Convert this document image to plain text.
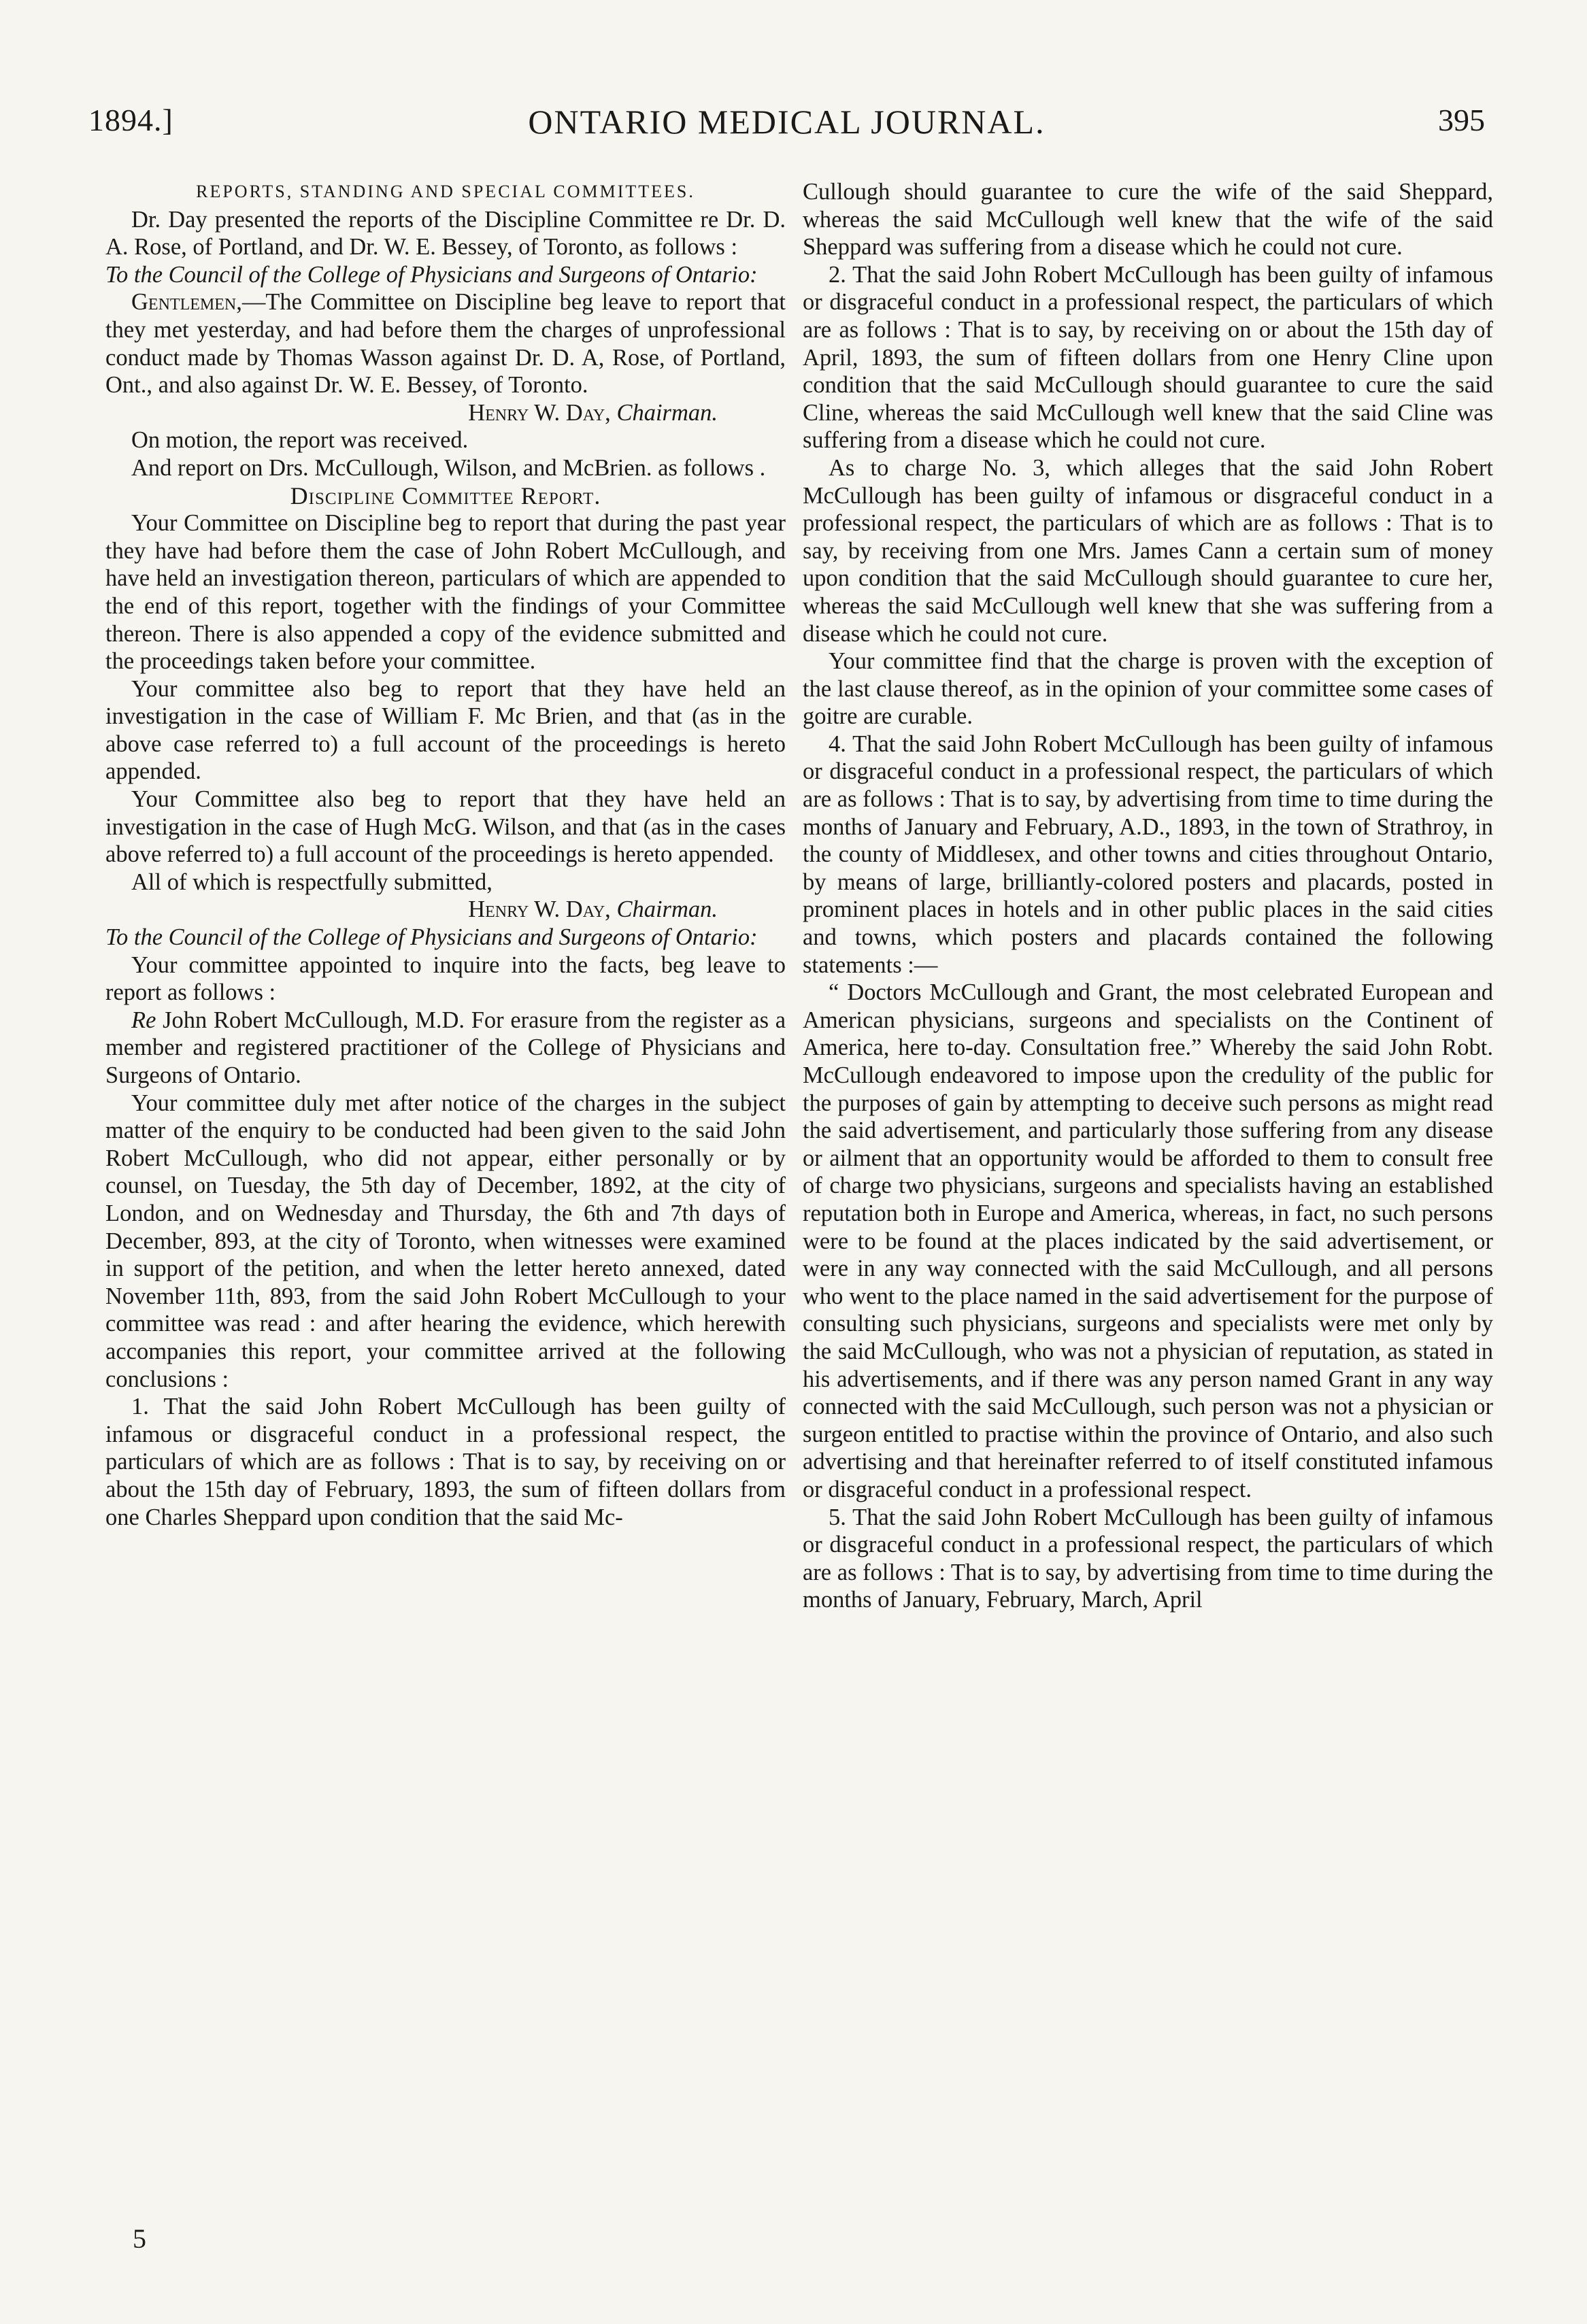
1894.]	ONTARIO MEDICAL JOURNAL.	395

REPORTS, STANDING AND SPECIAL COMMITTEES.

Dr. Day presented the reports of the Discipline Committee re Dr. D. A. Rose, of Portland, and Dr. W. E. Bessey, of Toronto, as follows :

To the Council of the College of Physicians and Surgeons of Ontario:

Gentlemen,—The Committee on Discipline beg leave to report that they met yesterday, and had before them the charges of unprofessional conduct made by Thomas Wasson against Dr. D. A, Rose, of Portland, Ont., and also against Dr. W. E. Bessey, of Toronto.

Henry W. Day, Chairman.

On motion, the report was received.

And report on Drs. McCullough, Wilson, and McBrien. as follows .

Discipline Committee Report.

Your Committee on Discipline beg to report that during the past year they have had before them the case of John Robert McCullough, and have held an investigation thereon, particulars of which are appended to the end of this report, together with the findings of your Committee thereon. There is also appended a copy of the evidence submitted and the proceedings taken before your committee.

Your committee also beg to report that they have held an investigation in the case of William F. Mc Brien, and that (as in the above case referred to) a full account of the proceedings is hereto appended.

Your Committee also beg to report that they have held an investigation in the case of Hugh McG. Wilson, and that (as in the cases above referred to) a full account of the proceedings is hereto appended.

All of which is respectfully submitted,

Henry W. Day, Chairman.

To the Council of the College of Physicians and Surgeons of Ontario:

Your committee appointed to inquire into the facts, beg leave to report as follows :

Re John Robert McCullough, M.D. For erasure from the register as a member and registered practitioner of the College of Physicians and Surgeons of Ontario.

Your committee duly met after notice of the charges in the subject matter of the enquiry to be conducted had been given to the said John Robert McCullough, who did not appear, either personally or by counsel, on Tuesday, the 5th day of December, 1892, at the city of London, and on Wednesday and Thursday, the 6th and 7th days of December, 893, at the city of Toronto, when witnesses were examined in support of the petition, and when the letter hereto annexed, dated November 11th, 893, from the said John Robert McCullough to your committee was read : and after hearing the evidence, which herewith accompanies this report, your committee arrived at the following conclusions :

1. That the said John Robert McCullough has been guilty of infamous or disgraceful conduct in a professional respect, the particulars of which are as follows : That is to say, by receiving on or about the 15th day of February, 1893, the sum of fifteen dollars from one Charles Sheppard upon condition that the said Mc-

Cullough should guarantee to cure the wife of the said Sheppard, whereas the said McCullough well knew that the wife of the said Sheppard was suffering from a disease which he could not cure.

2. That the said John Robert McCullough has been guilty of infamous or disgraceful conduct in a professional respect, the particulars of which are as follows : That is to say, by receiving on or about the 15th day of April, 1893, the sum of fifteen dollars from one Henry Cline upon condition that the said McCullough should guarantee to cure the said Cline, whereas the said McCullough well knew that the said Cline was suffering from a disease which he could not cure.

As to charge No. 3, which alleges that the said John Robert McCullough has been guilty of infamous or disgraceful conduct in a professional respect, the particulars of which are as follows : That is to say, by receiving from one Mrs. James Cann a certain sum of money upon condition that the said McCullough should guarantee to cure her, whereas the said McCullough well knew that she was suffering from a disease which he could not cure.

Your committee find that the charge is proven with the exception of the last clause thereof, as in the opinion of your committee some cases of goitre are curable.

4. That the said John Robert McCullough has been guilty of infamous or disgraceful conduct in a professional respect, the particulars of which are as follows : That is to say, by advertising from time to time during the months of January and February, A.D., 1893, in the town of Strathroy, in the county of Middlesex, and other towns and cities throughout Ontario, by means of large, brilliantly-colored posters and placards, posted in prominent places in hotels and in other public places in the said cities and towns, which posters and placards contained the following statements :—

“ Doctors McCullough and Grant, the most celebrated European and American physicians, surgeons and specialists on the Continent of America, here to-day. Consultation free.” Whereby the said John Robt. McCullough endeavored to impose upon the credulity of the public for the purposes of gain by attempting to deceive such persons as might read the said advertisement, and particularly those suffering from any disease or ailment that an opportunity would be afforded to them to consult free of charge two physicians, surgeons and specialists having an established reputation both in Europe and America, whereas, in fact, no such persons were to be found at the places indicated by the said advertisement, or were in any way connected with the said McCullough, and all persons who went to the place named in the said advertisement for the purpose of consulting such physicians, surgeons and specialists were met only by the said McCullough, who was not a physician of reputation, as stated in his advertisements, and if there was any person named Grant in any way connected with the said McCullough, such person was not a physician or surgeon entitled to practise within the province of Ontario, and also such advertising and that hereinafter referred to of itself constituted infamous or disgraceful conduct in a professional respect.

5. That the said John Robert McCullough has been guilty of infamous or disgraceful conduct in a professional respect, the particulars of which are as follows : That is to say, by advertising from time to time during the months of January, February, March, April

5
